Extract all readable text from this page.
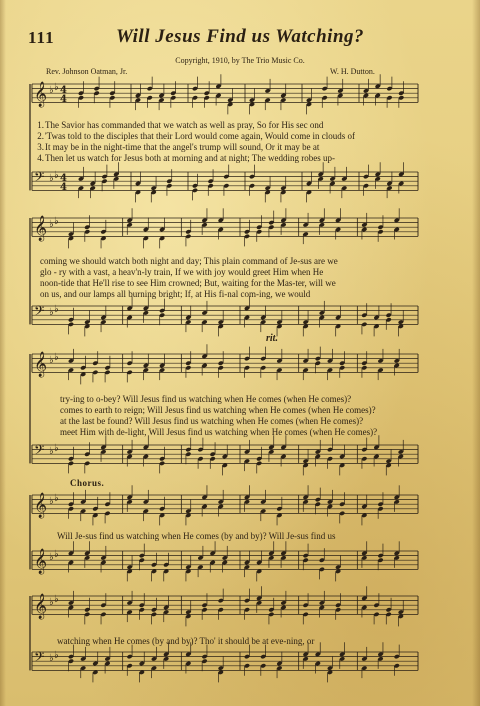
111	Will Jesus Find us Watching?
Copyright, 1910, by The Trio Music Co.
Rev. Johnson Oatman, Jr.	W. H. Dutton.
𝄞 ♭ ♭ 4
4
𝄢 ♭ ♭ 4
4
𝄞 ♭ ♭
𝄢 ♭ ♭
𝄞 ♭ ♭
𝄢 ♭ ♭
𝄞 ♭ ♭
𝄞 ♭ ♭
𝄞 ♭ ♭
𝄢 ♭ ♭
1.
2.
3.
4.
The Savior has commanded that we watch as well as pray, So for His sec ond
'Twas told to the disciples that their Lord would come again, Would come in clouds of
It may be in the night-time that the angel's trump will sound, Or it may be at
Then let us watch for Jesus both at morning and at night; The wedding robes up-
coming we should watch both night and day; This plain command of Je-sus are we
glo - ry with a vast, a heav'n-ly train, If we with joy would greet Him when He
noon-tide that He'll rise to see Him crowned; But, waiting for the Mas-ter, will we
on us, and our lamps all burning bright; If, at His fi-nal com-ing, we would
rit.
try-ing to o-bey? Will Jesus find us watching when He comes (when He comes)?
comes to earth to reign; Will Jesus find us watching when He comes (when He comes)?
at the last be found? Will Jesus find us watching when He comes (when He comes)?
meet Him with de-light, Will Jesus find us watching when He comes (when He comes)?
Chorus.
Will Je-sus find us watching when He comes (by and by)? Will Je-sus find us
watching when He comes (by and by)? Tho' it should be at eve-ning, or
